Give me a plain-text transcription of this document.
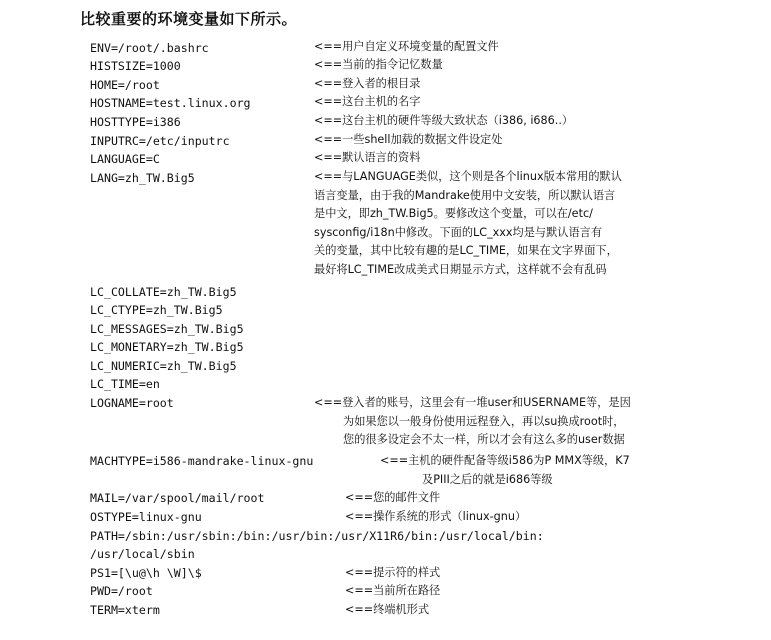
比较重要的环境变量如下所示。
ENV=/root/.bashrc
HISTSIZE=1000
HOME=/root
HOSTNAME=test.linux.org
HOSTTYPE=i386
INPUTRC=/etc/inputrc
LANGUAGE=C
LANG=zh_TW.Big5
LC_COLLATE=zh_TW.Big5
LC_CTYPE=zh_TW.Big5
LC_MESSAGES=zh_TW.Big5
LC_MONETARY=zh_TW.Big5
LC_NUMERIC=zh_TW.Big5
LC_TIME=en
LOGNAME=root
MACHTYPE=i586-mandrake-linux-gnu
MAIL=/var/spool/mail/root
OSTYPE=linux-gnu
PATH=/sbin:/usr/sbin:/bin:/usr/bin:/usr/X11R6/bin:/usr/local/bin:
/usr/local/sbin
PS1=[\u@\h \W]\$
PWD=/root
TERM=xterm
<==用户自定义环境变量的配置文件
<==当前的指令记忆数量
<==登入者的根目录
<==这台主机的名字
<==这台主机的硬件等级大致状态（i386, i686..）
<==一些shell加载的数据文件设定处
<==默认语言的资料
<==与LANGUAGE类似，这个则是各个linux版本常用的默认
语言变量，由于我的Mandrake使用中文安装，所以默认语言
是中文，即zh_TW.Big5。要修改这个变量，可以在/etc/
sysconfig/i18n中修改。下面的LC_xxx均是与默认语言有
关的变量，其中比较有趣的是LC_TIME，如果在文字界面下，
最好将LC_TIME改成美式日期显示方式，这样就不会有乱码
<==登入者的账号，这里会有一堆user和USERNAME等，是因
为如果您以一般身份使用远程登入，再以su换成root时，
您的很多设定会不太一样，所以才会有这么多的user数据
<==主机的硬件配备等级i586为P MMX等级，K7
及PIII之后的就是i686等级
<==您的邮件文件
<==操作系统的形式（linux-gnu）
<==提示符的样式
<==当前所在路径
<==终端机形式
